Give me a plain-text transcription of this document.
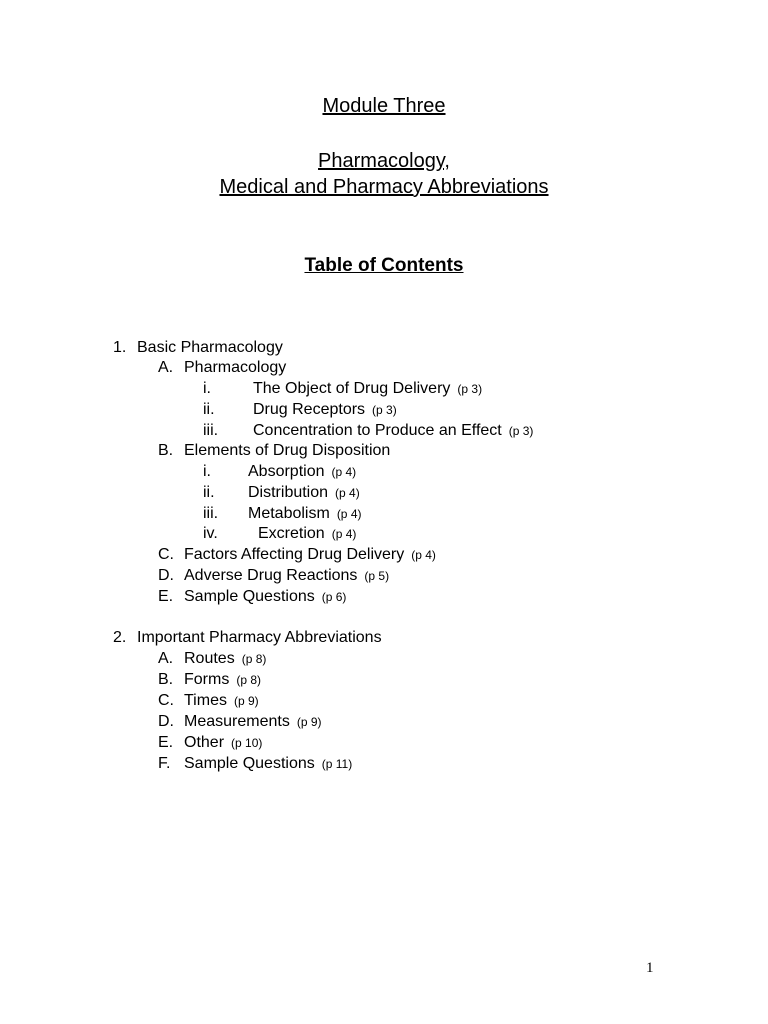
Module Three
Pharmacology,
Medical and Pharmacy Abbreviations
Table of Contents
1. Basic Pharmacology
A. Pharmacology
i.	The Object of Drug Delivery (p 3)
ii. Drug Receptors (p 3)
iii. Concentration to Produce an Effect (p 3)
B. Elements of Drug Disposition
i. Absorption (p 4)
ii. Distribution (p 4)
iii. Metabolism (p 4)
iv.	Excretion (p 4)
C. Factors Affecting Drug Delivery (p 4)
D. Adverse Drug Reactions (p 5)
E. Sample Questions (p 6)
2. Important Pharmacy Abbreviations
A. Routes (p 8)
B. Forms (p 8)
C. Times (p 9)
D. Measurements (p 9)
E. Other (p 10)
F. Sample Questions (p 11)
1
